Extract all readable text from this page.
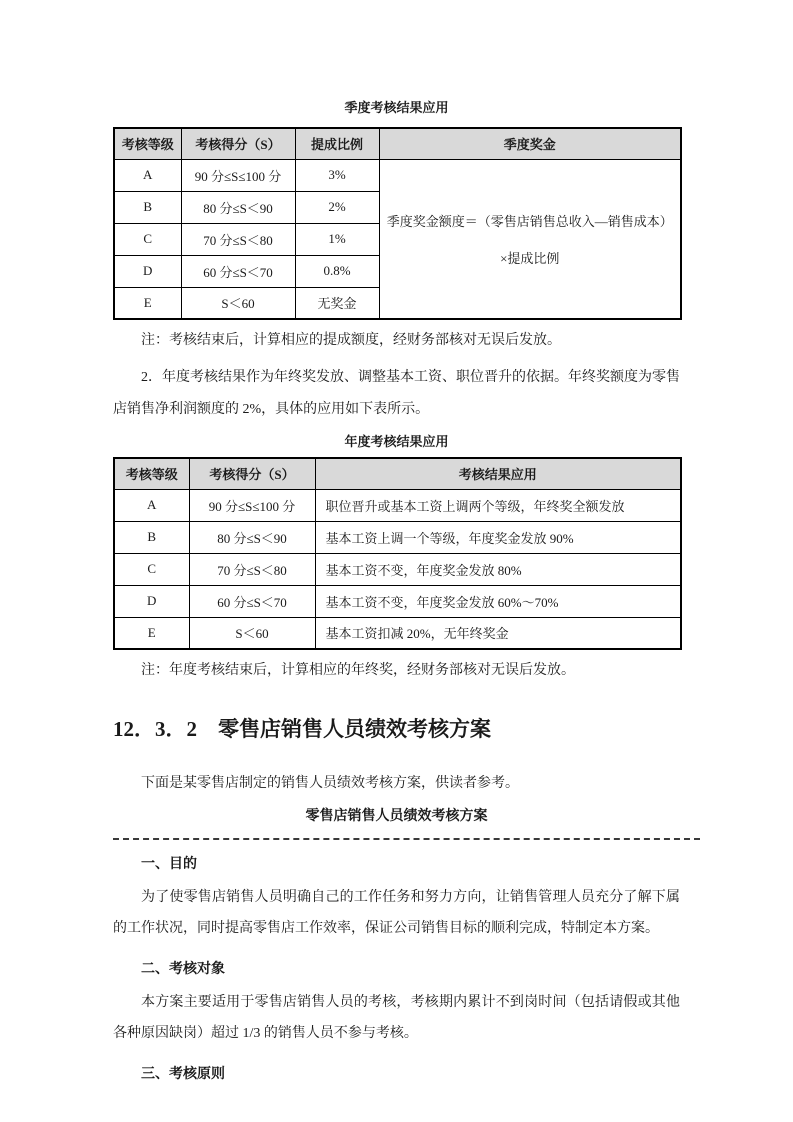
季度考核结果应用
考核等级	考核得分（S）	提成比例	季度奖金
A	90 分≤S≤100 分	3%	季度奖金额度＝（零售店销售总收入—销售成本）
×提成比例

B	80 分≤S＜90	2%	
C	70 分≤S＜80	1%	
D	60 分≤S＜70	0.8%	
E	S＜60	无奖金	
注：考核结束后，计算相应的提成额度，经财务部核对无误后发放。
2．年度考核结果作为年终奖发放、调整基本工资、职位晋升的依据。年终奖额度为零售店销售净利润额度的 2%，具体的应用如下表所示。
年度考核结果应用
考核等级	考核得分（S）	考核结果应用
A	90 分≤S≤100 分	职位晋升或基本工资上调两个等级，年终奖全额发放
B	80 分≤S＜90	基本工资上调一个等级，年度奖金发放 90%
C	70 分≤S＜80	基本工资不变，年度奖金发放 80%
D	60 分≤S＜70	基本工资不变，年度奖金发放 60%～70%
E	S＜60	基本工资扣减 20%，无年终奖金
注：年度考核结束后，计算相应的年终奖，经财务部核对无误后发放。
12．3．2　零售店销售人员绩效考核方案
下面是某零售店制定的销售人员绩效考核方案，供读者参考。
零售店销售人员绩效考核方案
一、目的
为了使零售店销售人员明确自己的工作任务和努力方向，让销售管理人员充分了解下属的工作状况，同时提高零售店工作效率，保证公司销售目标的顺利完成，特制定本方案。
二、考核对象
本方案主要适用于零售店销售人员的考核，考核期内累计不到岗时间（包括请假或其他各种原因缺岗）超过 1/3 的销售人员不参与考核。
三、考核原则
